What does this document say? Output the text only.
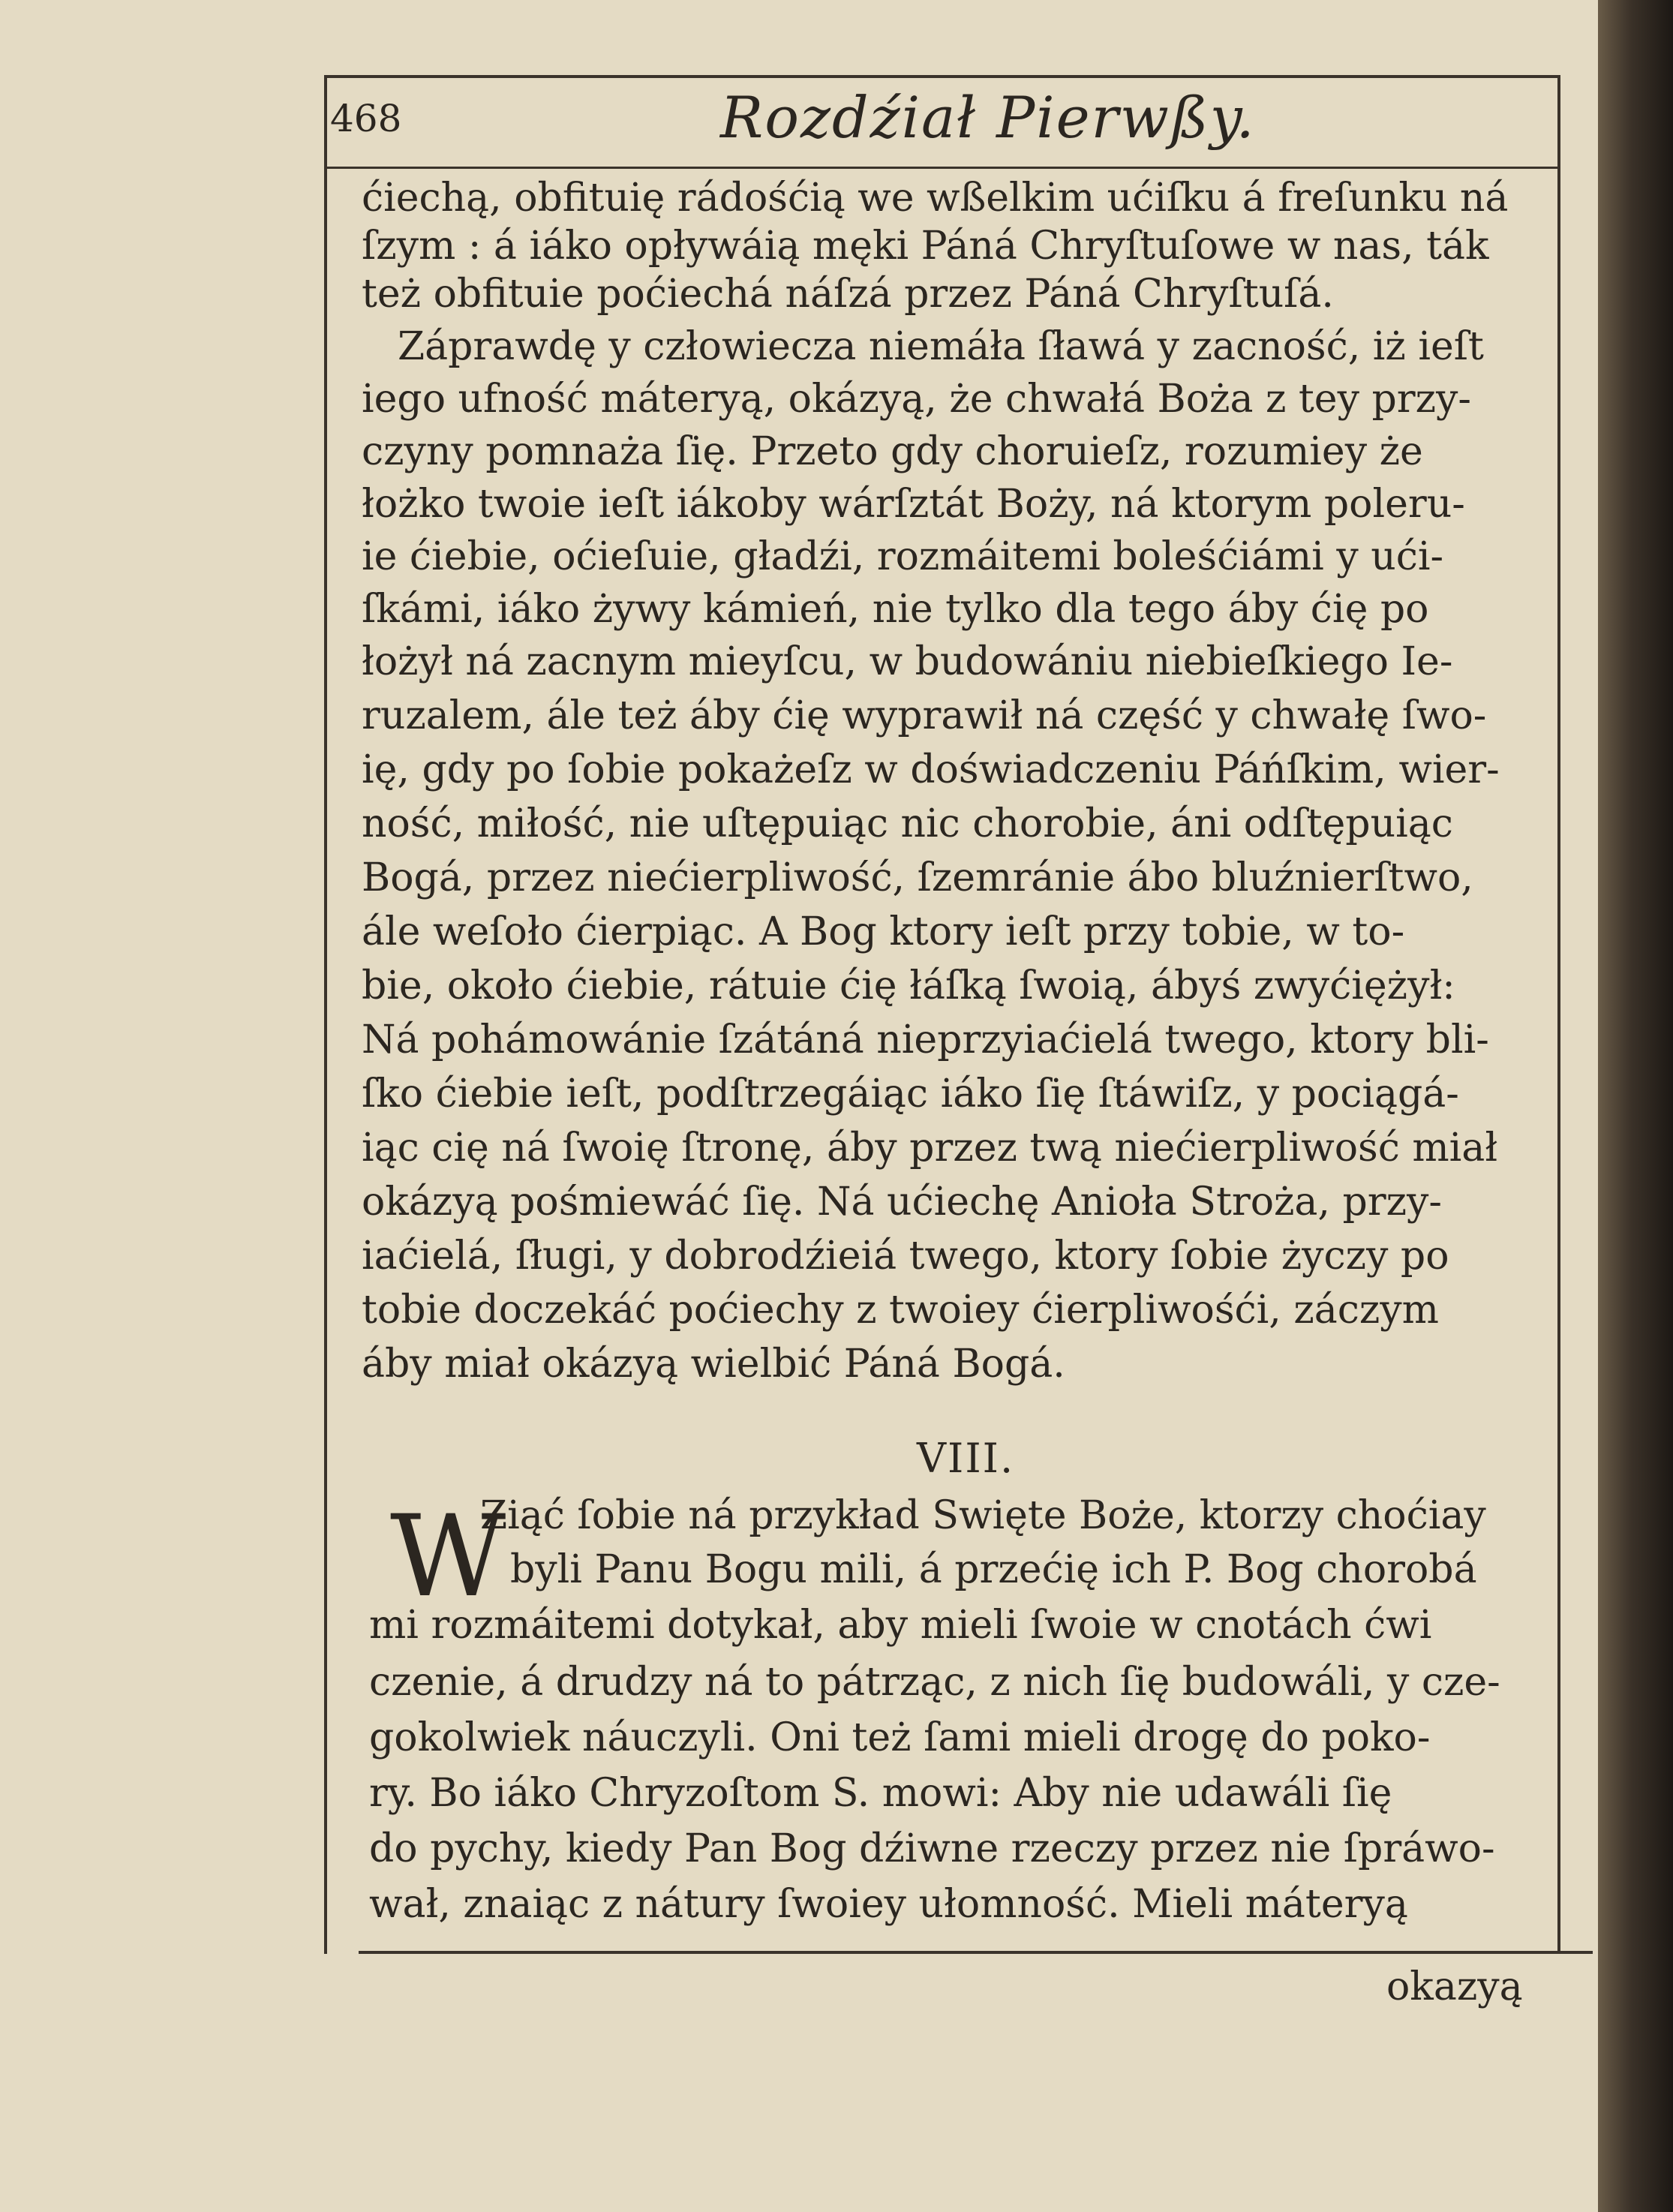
468	Rozdźiał Pierwßy.
ćiechą, obfituię rádośćią we wßelkim ućiſku á freſunku ná
ſzym : á iáko opływáią męki Páná Chryſtuſowe w nas, ták
też obfituie poćiechá náſzá przez Páná Chryſtuſá.
Záprawdę y człowiecza niemáła ſławá y zacność, iż ieſt
iego ufność máteryą, okázyą, że chwałá Boża z tey przy-
czyny pomnaża ſię. Przeto gdy choruieſz, rozumiey że
łożko twoie ieſt iákoby wárſztát Boży, ná ktorym poleru-
ie ćiebie, oćieſuie, gładźi, rozmáitemi boleśćiámi y ući-
ſkámi, iáko żywy kámień, nie tylko dla tego áby ćię po
łożył ná zacnym mieyſcu, w budowániu niebieſkiego Ie-
ruzalem, ále też áby ćię wyprawił ná część y chwałę ſwo-
ię, gdy po ſobie pokażeſz w doświadczeniu Páńſkim, wier-
ność, miłość, nie uſtępuiąc nic chorobie, áni odſtępuiąc
Bogá, przez niećierpliwość, ſzemránie ábo bluźnierſtwo,
ále weſoło ćierpiąc. A Bog ktory ieſt przy tobie, w to-
bie, około ćiebie, rátuie ćię łáſką ſwoią, ábyś zwyćiężył:
Ná pohámowánie ſzátáná nieprzyiaćielá twego, ktory bli-
ſko ćiebie ieſt, podſtrzegáiąc iáko ſię ſtáwiſz, y pociągá-
iąc cię ná ſwoię ſtronę, áby przez twą niećierpliwość miał
okázyą pośmiewáć ſię. Ná ućiechę Anioła Stroża, przy-
iaćielá, ſługi, y dobrodźieiá twego, ktory ſobie życzy po
tobie doczekáć poćiechy z twoiey ćierpliwośći, záczym
áby miał okázyą wielbić Páná Bogá.
VIII.
W
Ziąć ſobie ná przykład Swięte Boże, ktorzy choćiay
byli Panu Bogu mili, á przećię ich P. Bog chorobá
mi rozmáitemi dotykał, aby mieli ſwoie w cnotách ćwi
czenie, á drudzy ná to pátrząc, z nich ſię budowáli, y cze-
gokolwiek náuczyli. Oni też ſami mieli drogę do poko-
ry. Bo iáko Chryzoſtom S. mowi: Aby nie udawáli ſię
do pychy, kiedy Pan Bog dźiwne rzeczy przez nie ſpráwo-
wał, znaiąc z nátury ſwoiey ułomność. Mieli máteryą
okazyą
